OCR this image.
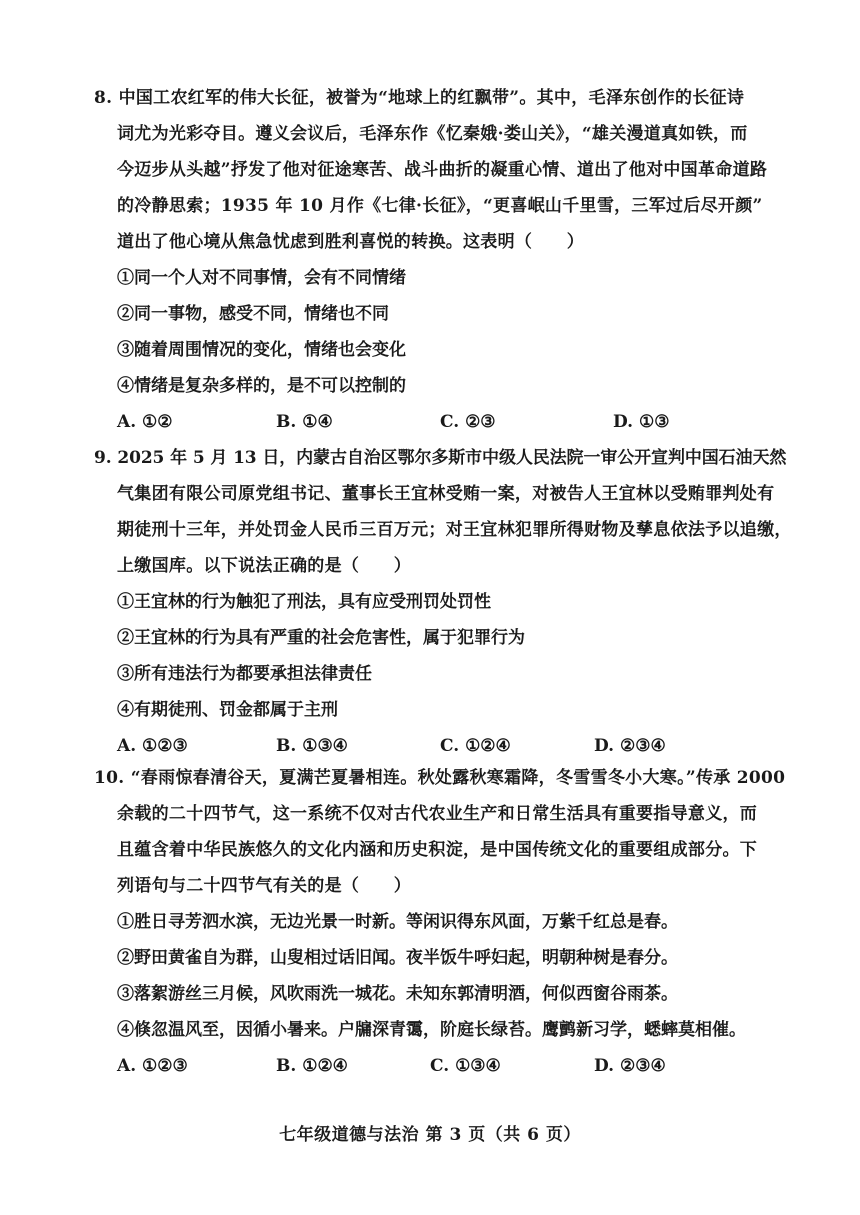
8. 中国工农红军的伟大长征，被誉为“地球上的红飘带”。其中，毛泽东创作的长征诗
词尤为光彩夺目。遵义会议后，毛泽东作《忆秦娥·娄山关》，“雄关漫道真如铁，而
今迈步从头越”抒发了他对征途寒苦、战斗曲折的凝重心情、道出了他对中国革命道路
的冷静思索；1935 年 10 月作《七律·长征》，“更喜岷山千里雪，三军过后尽开颜”
道出了他心境从焦急忧虑到胜利喜悦的转换。这表明（　　）
①同一个人对不同事情，会有不同情绪
②同一事物，感受不同，情绪也不同
③随着周围情况的变化，情绪也会变化
④情绪是复杂多样的，是不可以控制的
A. ①②	B. ①④	C. ②③	D. ①③
9. 2025 年 5 月 13 日，内蒙古自治区鄂尔多斯市中级人民法院一审公开宣判中国石油天然
气集团有限公司原党组书记、董事长王宜林受贿一案，对被告人王宜林以受贿罪判处有
期徒刑十三年，并处罚金人民币三百万元；对王宜林犯罪所得财物及孳息依法予以追缴，
上缴国库。以下说法正确的是（　　）
①王宜林的行为触犯了刑法，具有应受刑罚处罚性
②王宜林的行为具有严重的社会危害性，属于犯罪行为
③所有违法行为都要承担法律责任
④有期徒刑、罚金都属于主刑
A. ①②③	B. ①③④	C. ①②④	D. ②③④
10. “春雨惊春清谷天，夏满芒夏暑相连。秋处露秋寒霜降，冬雪雪冬小大寒。”传承 2000
余载的二十四节气，这一系统不仅对古代农业生产和日常生活具有重要指导意义，而
且蕴含着中华民族悠久的文化内涵和历史积淀，是中国传统文化的重要组成部分。下
列语句与二十四节气有关的是（　　）
①胜日寻芳泗水滨，无边光景一时新。等闲识得东风面，万紫千红总是春。
②野田黄雀自为群，山叟相过话旧闻。夜半饭牛呼妇起，明朝种树是春分。
③落絮游丝三月候，风吹雨洗一城花。未知东郭清明酒，何似西窗谷雨茶。
④倏忽温风至，因循小暑来。户牖深青霭，阶庭长绿苔。鹰鹯新习学，蟋蟀莫相催。
A. ①②③	B. ①②④	C. ①③④	D. ②③④
七年级道德与法治 第 3 页（共 6 页）
